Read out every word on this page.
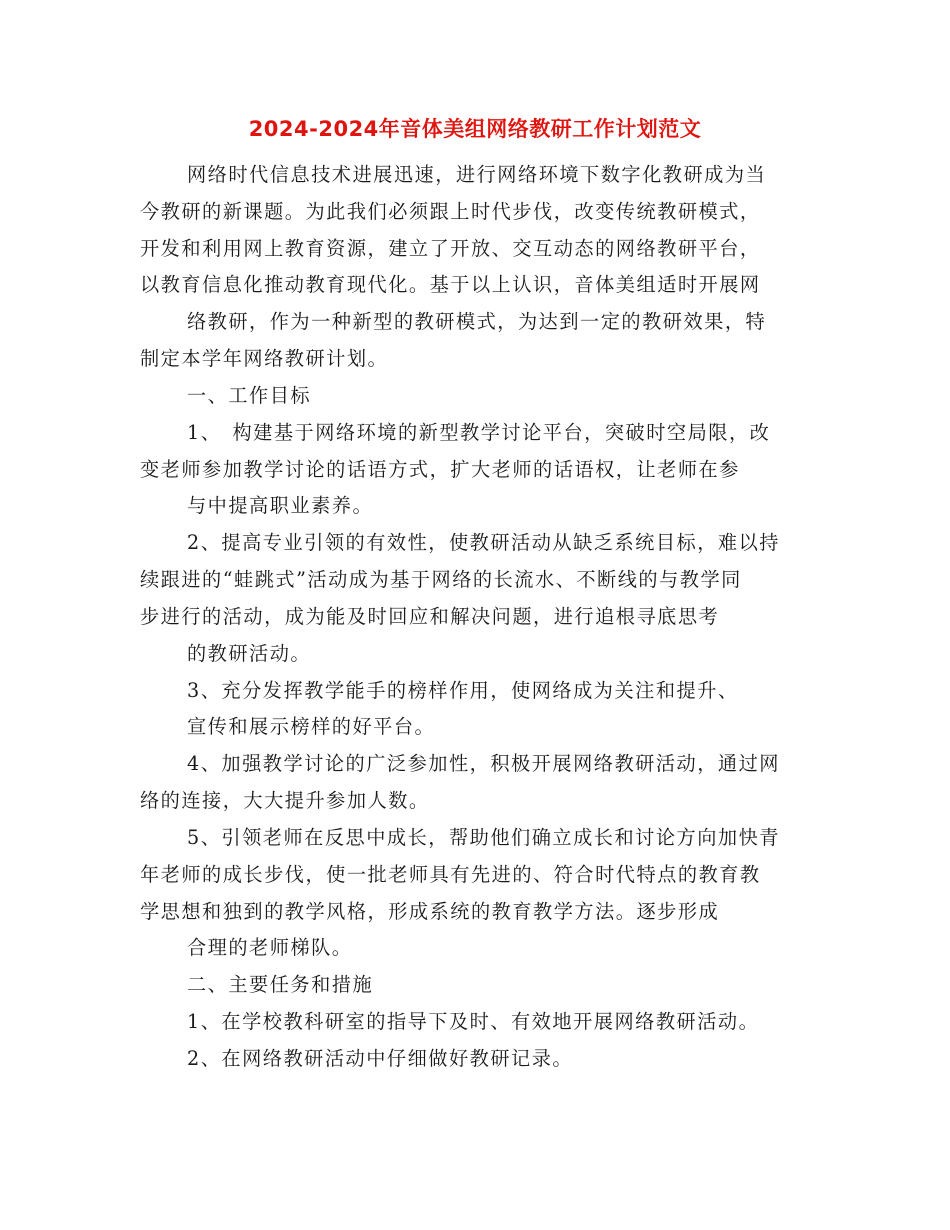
2024-2024年音体美组网络教研工作计划范文

网络时代信息技术进展迅速，进行网络环境下数字化教研成为当

今教研的新课题。为此我们必须跟上时代步伐，改变传统教研模式，

开发和利用网上教育资源，建立了开放、交互动态的网络教研平台，

以教育信息化推动教育现代化。基于以上认识，音体美组适时开展网

络教研，作为一种新型的教研模式，为达到一定的教研效果，特

制定本学年网络教研计划。

一、工作目标

1、　构建基于网络环境的新型教学讨论平台，突破时空局限，改

变老师参加教学讨论的话语方式，扩大老师的话语权，让老师在参

与中提高职业素养。

2、提高专业引领的有效性，使教研活动从缺乏系统目标，难以持

续跟进的“蛙跳式”活动成为基于网络的长流水、不断线的与教学同

步进行的活动，成为能及时回应和解决问题，进行追根寻底思考

的教研活动。

3、充分发挥教学能手的榜样作用，使网络成为关注和提升、

宣传和展示榜样的好平台。

4、加强教学讨论的广泛参加性，积极开展网络教研活动，通过网

络的连接，大大提升参加人数。

5、引领老师在反思中成长，帮助他们确立成长和讨论方向加快青

年老师的成长步伐，使一批老师具有先进的、符合时代特点的教育教

学思想和独到的教学风格，形成系统的教育教学方法。逐步形成

合理的老师梯队。

二、主要任务和措施

1、在学校教科研室的指导下及时、有效地开展网络教研活动。

2、在网络教研活动中仔细做好教研记录。
